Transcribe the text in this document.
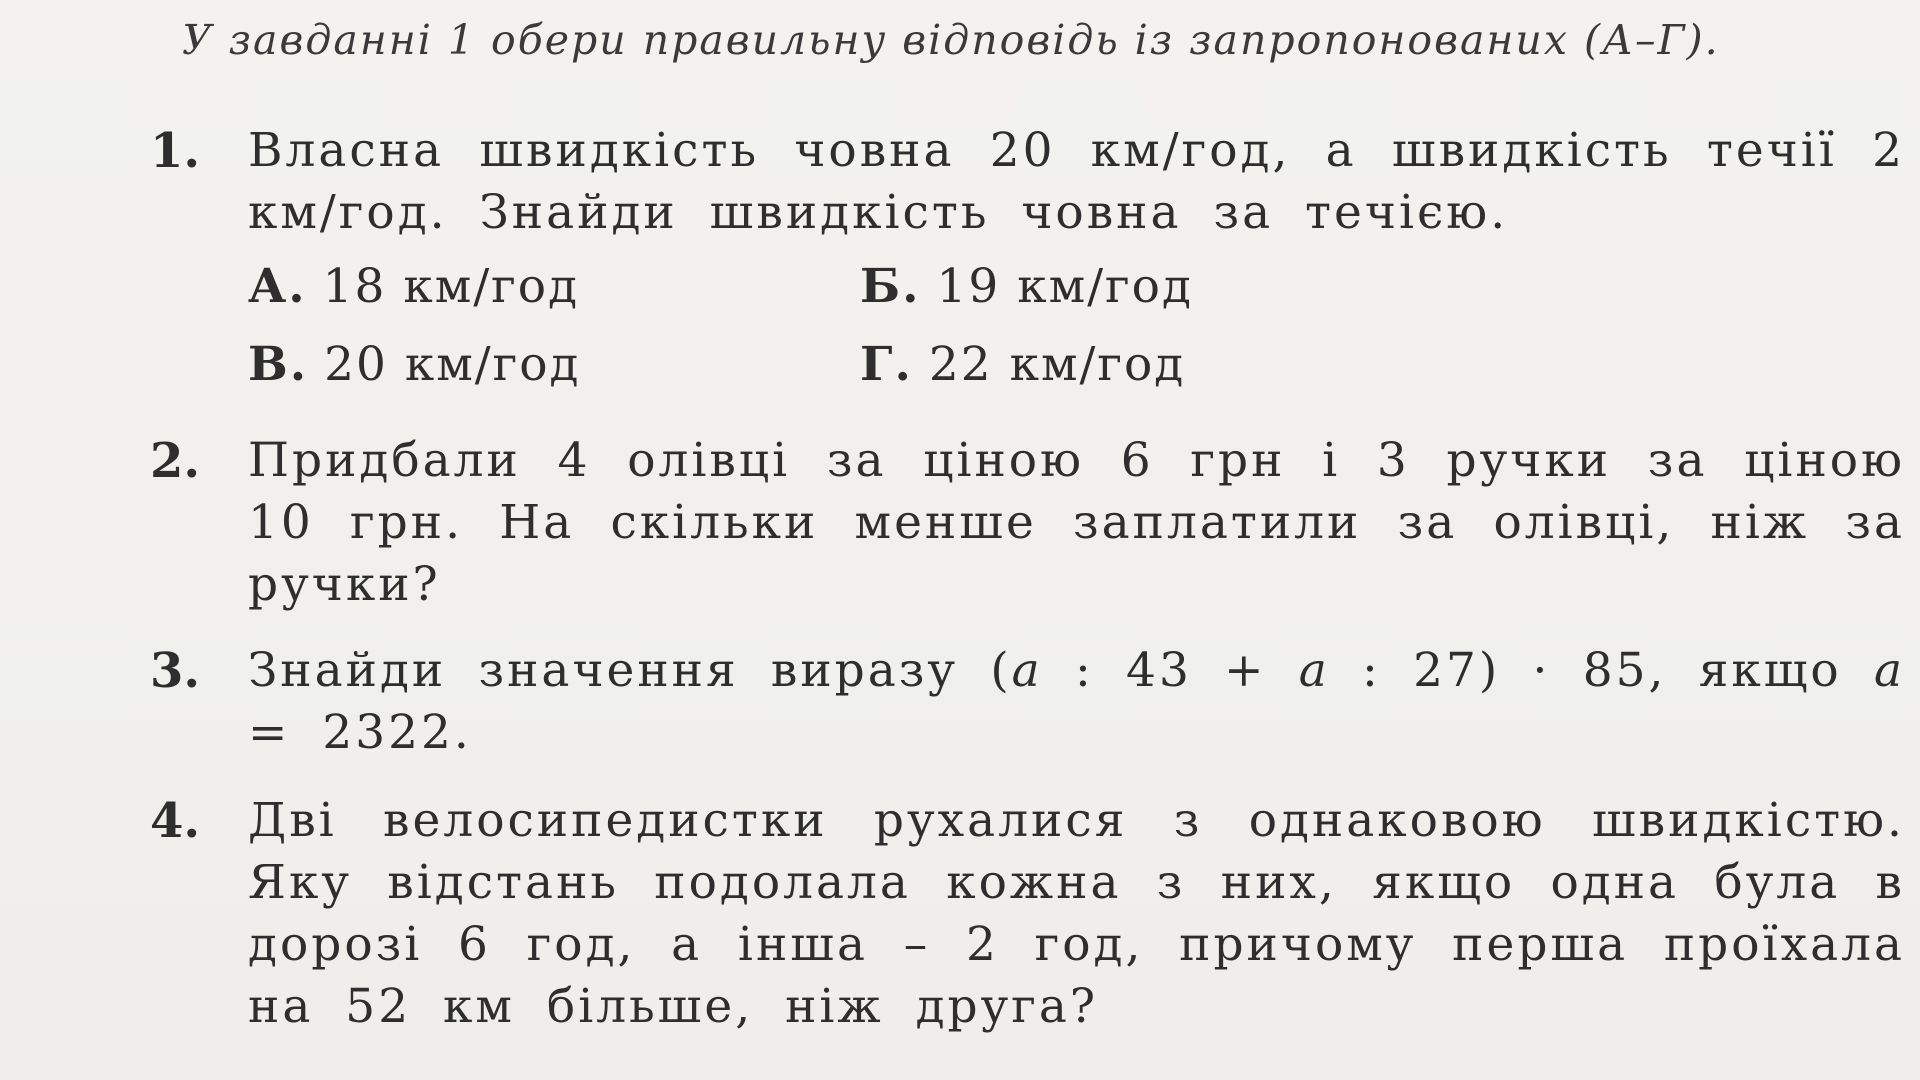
У завданні 1 обери правильну відповідь із запропонованих (А–Г).
1. Власна швидкість човна 20 км/год, а швидкість течії 2 км/год. Знайди швидкість човна за течією.
А. 18 км/год	Б. 19 км/год
В. 20 км/год	Г. 22 км/год
2. Придбали 4 олівці за ціною 6 грн і 3 ручки за ціною 10 грн. На скільки менше заплатили за олівці, ніж за ручки?
3. Знайди значення виразу (a : 43 + a : 27) · 85, якщо a = 2322.
4. Дві велосипедистки рухалися з однаковою швидкістю. Яку відстань подолала кожна з них, якщо одна була в дорозі 6 год, а інша – 2 год, причому перша проїхала на 52 км більше, ніж друга?
